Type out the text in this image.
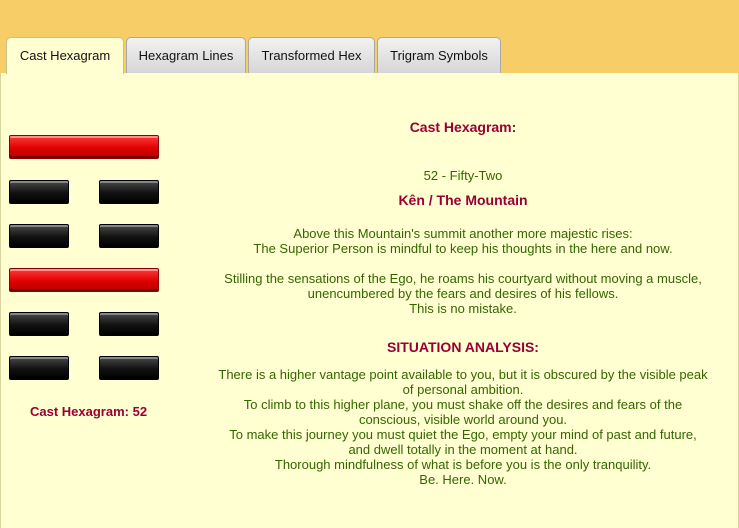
Cast Hexagram	Hexagram Lines	Transformed Hex	Trigram Symbols
Cast Hexagram: 52
Cast Hexagram:
52 - Fifty-Two
Kên / The Mountain

Above this Mountain's summit another more majestic rises:

The Superior Person is mindful to keep his thoughts in the here and now.

Stilling the sensations of the Ego, he roams his courtyard without moving a muscle,

unencumbered by the fears and desires of his fellows.

This is no mistake.

SITUATION ANALYSIS:

There is a higher vantage point available to you, but it is obscured by the visible peak

of personal ambition.

To climb to this higher plane, you must shake off the desires and fears of the

conscious, visible world around you.

To make this journey you must quiet the Ego, empty your mind of past and future,

and dwell totally in the moment at hand.

Thorough mindfulness of what is before you is the only tranquility.

Be. Here. Now.
